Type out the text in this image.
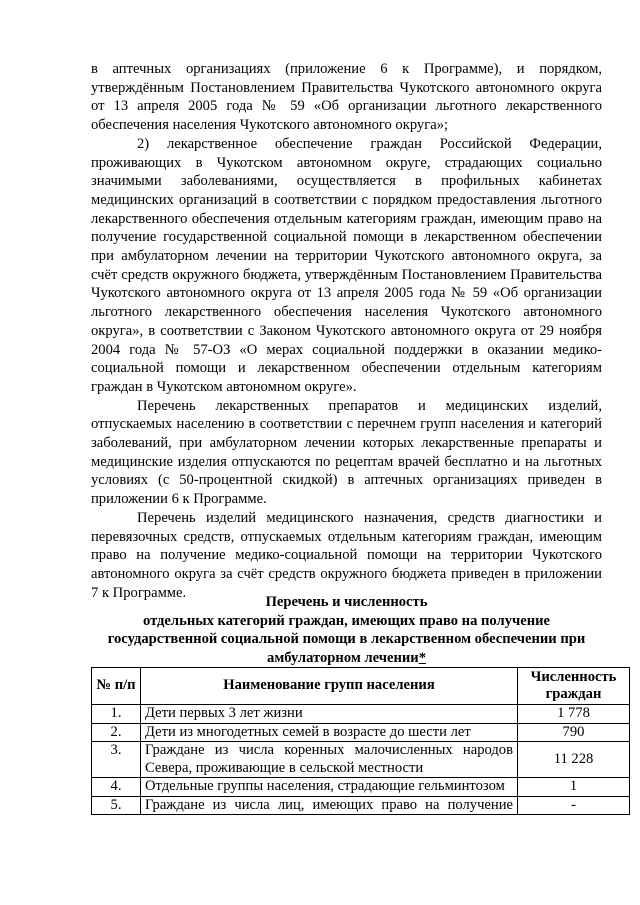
в аптечных организациях (приложение 6 к Программе), и порядком, утверждённым Постановлением Правительства Чукотского автономного округа от 13 апреля 2005 года № 59 «Об организации льготного лекарственного обеспечения населения Чукотского автономного округа»;

2) лекарственное обеспечение граждан Российской Федерации, проживающих в Чукотском автономном округе, страдающих социально значимыми заболеваниями, осуществляется в профильных кабинетах медицинских организаций в соответствии с порядком предоставления льготного лекарственного обеспечения отдельным категориям граждан, имеющим право на получение государственной социальной помощи в лекарственном обеспечении при амбулаторном лечении на территории Чукотского автономного округа, за счёт средств окружного бюджета, утверждённым Постановлением Правительства Чукотского автономного округа от 13 апреля 2005 года № 59 «Об организации льготного лекарственного обеспечения населения Чукотского автономного округа», в соответствии с Законом Чукотского автономного округа от 29 ноября 2004 года № 57-ОЗ «О мерах социальной поддержки в оказании медико-социальной помощи и лекарственном обеспечении отдельным категориям граждан в Чукотском автономном округе».

Перечень лекарственных препаратов и медицинских изделий, отпускаемых населению в соответствии с перечнем групп населения и категорий заболеваний, при амбулаторном лечении которых лекарственные препараты и медицинские изделия отпускаются по рецептам врачей бесплатно и на льготных условиях (с 50-процентной скидкой) в аптечных организациях приведен в приложении 6 к Программе.

Перечень изделий медицинского назначения, средств диагностики и перевязочных средств, отпускаемых отдельным категориям граждан, имеющим право на получение медико-социальной помощи на территории Чукотского автономного округа за счёт средств окружного бюджета приведен в приложении 7 к Программе.

Перечень и численность
отдельных категорий граждан, имеющих право на получение
государственной социальной помощи в лекарственном обеспечении при
амбулаторном лечении*
№ п/п	Наименование групп населения	Численность граждан
1.	Дети первых 3 лет жизни	1 778
2.	Дети из многодетных семей в возрасте до шести лет	790
3.	Граждане из числа коренных малочисленных народов Севера, проживающие в сельской местности	11 228
4.	Отдельные группы населения, страдающие гельминтозом	1
5.	Граждане из числа лиц, имеющих право на получение	-
